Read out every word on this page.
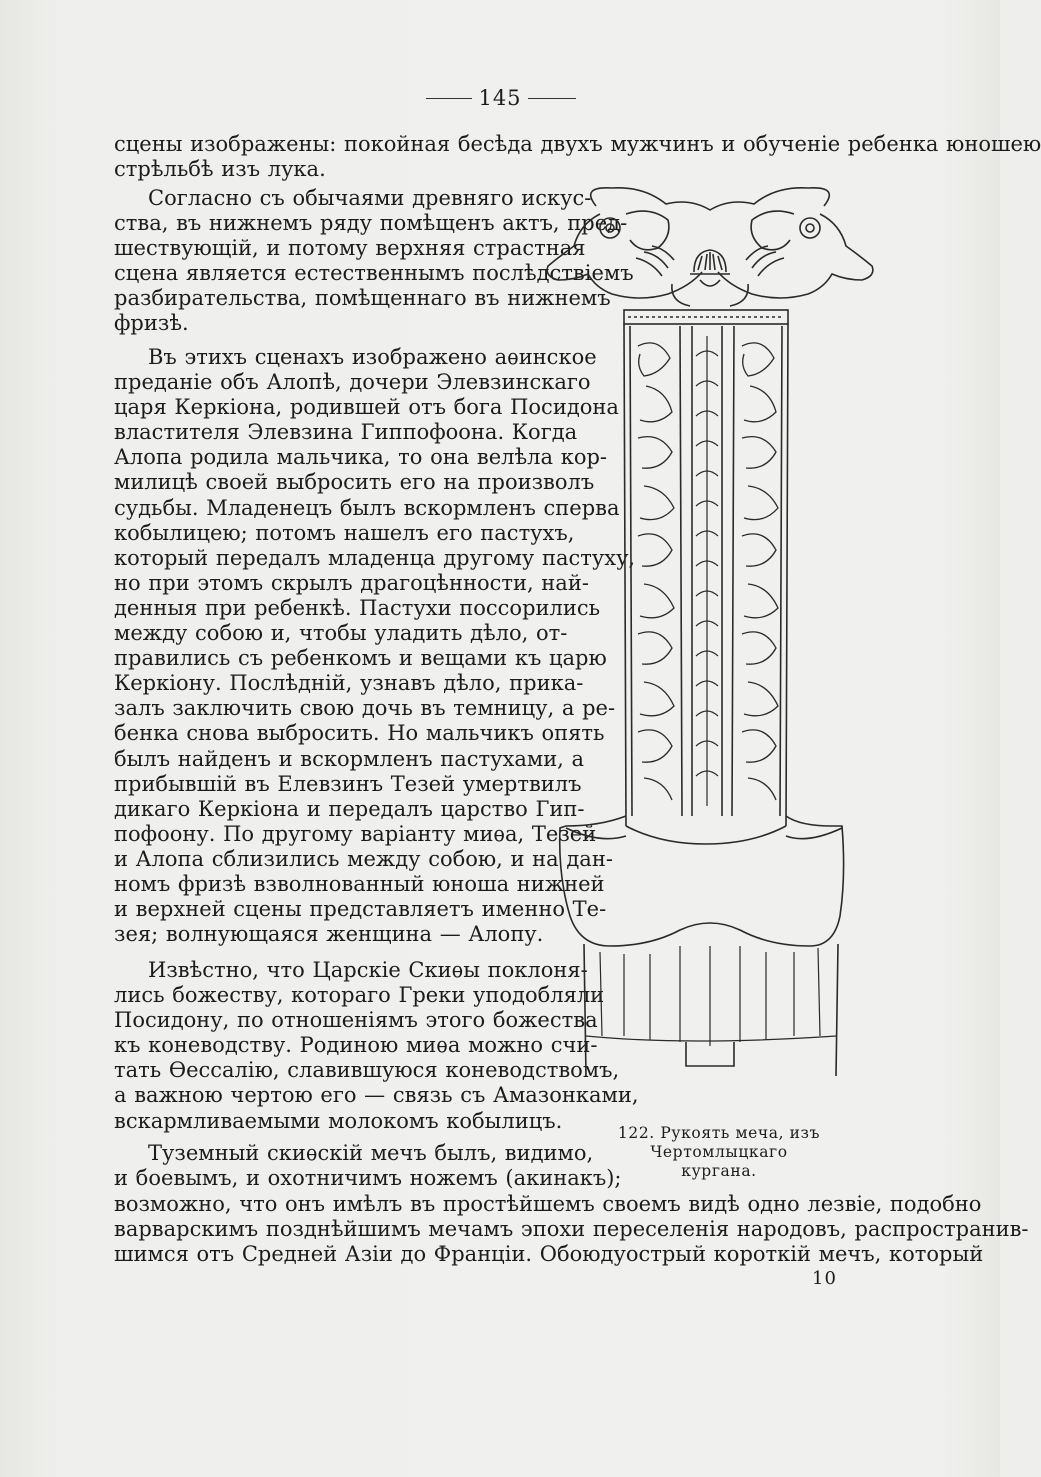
145
сцены изображены: покойная бесѣда двухъ мужчинъ и обученіе ребенка юношею
стрѣльбѣ изъ лука.
Согласно съ обычаями древняго искус-
ства, въ нижнемъ ряду помѣщенъ актъ, пред-
шествующій, и потому верхняя страстная
сцена является естественнымъ послѣдствіемъ
разбирательства, помѣщеннаго въ нижнемъ
фризѣ.
Въ этихъ сценахъ изображено аѳинское
преданіе объ Алопѣ, дочери Элевзинскаго
царя Керкіона, родившей отъ бога Посидона
властителя Элевзина Гиппофоона. Когда
Алопа родила мальчика, то она велѣла кор-
милицѣ своей выбросить его на произволъ
судьбы. Младенецъ былъ вскормленъ сперва
кобылицею; потомъ нашелъ его пастухъ,
который передалъ младенца другому пастуху,
но при этомъ скрылъ драгоцѣнности, най-
денныя при ребенкѣ. Пастухи поссорились
между собою и, чтобы уладить дѣло, от-
правились съ ребенкомъ и вещами къ царю
Керкіону. Послѣдній, узнавъ дѣло, прика-
залъ заключить свою дочь въ темницу, а ре-
бенка снова выбросить. Но мальчикъ опять
былъ найденъ и вскормленъ пастухами, а
прибывшій въ Елевзинъ Тезей умертвилъ
дикаго Керкіона и передалъ царство Гип-
пофоону. По другому варіанту миѳа, Тезей
и Алопа сблизились между собою, и на дан-
номъ фризѣ взволнованный юноша нижней
и верхней сцены представляетъ именно Те-
зея; волнующаяся женщина — Алопу.
Извѣстно, что Царскіе Скиѳы поклоня-
лись божеству, котораго Греки уподобляли
Посидону, по отношеніямъ этого божества
къ коневодству. Родиною миѳа можно счи-
тать Ѳессалію, славившуюся коневодствомъ,
а важною чертою его — связь съ Амазонками,
вскармливаемыми молокомъ кобылицъ.
Туземный скиѳскій мечъ былъ, видимо,
и боевымъ, и охотничимъ ножемъ (акинакъ);
возможно, что онъ имѣлъ въ простѣйшемъ своемъ видѣ одно лезвіе, подобно
варварскимъ позднѣйшимъ мечамъ эпохи переселенія народовъ, распространив-
шимся отъ Средней Азіи до Франціи. Обоюдуострый короткій мечъ, который
122. Рукоять меча, изъ Чертомлыцкаго
кургана.
10
